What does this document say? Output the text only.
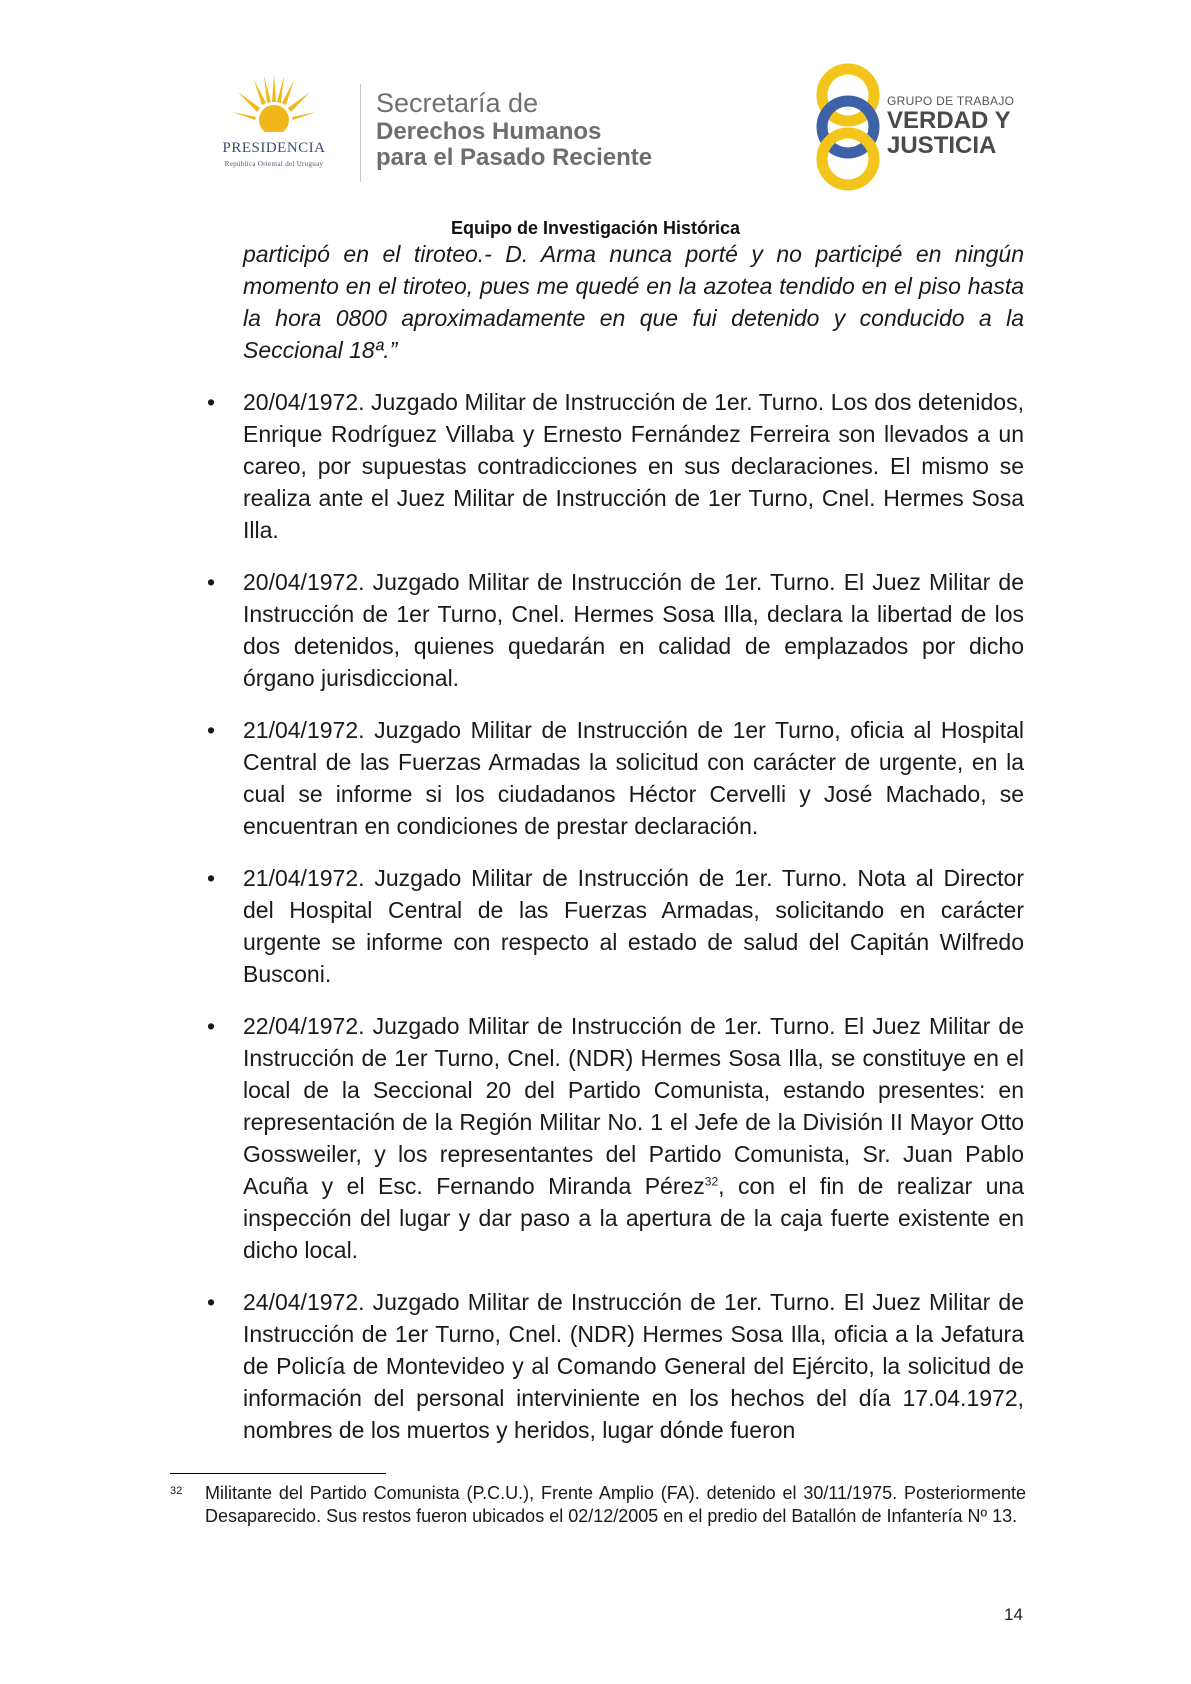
PRESIDENCIA
República Oriental del Uruguay
Secretaría de
Derechos Humanos
para el Pasado Reciente
GRUPO DE TRABAJO
VERDAD Y
JUSTICIA
Equipo de Investigación Histórica

participó en el tiroteo.- D. Arma nunca porté y no participé en ningún momento en el tiroteo, pues me quedé en la azotea tendido en el piso hasta la hora 0800 aproximadamente en que fui detenido y conducido a la Seccional 18ª.”

•	20/04/1972. Juzgado Militar de Instrucción de 1er. Turno. Los dos detenidos, Enrique Rodríguez Villaba y Ernesto Fernández Ferreira son llevados a un careo, por supuestas contradicciones en sus declaraciones. El mismo se realiza ante el Juez Militar de Instrucción de 1er Turno, Cnel. Hermes Sosa Illa.
•	20/04/1972. Juzgado Militar de Instrucción de 1er. Turno. El Juez Militar de Instrucción de 1er Turno, Cnel. Hermes Sosa Illa, declara la libertad de los dos detenidos, quienes quedarán en calidad de emplazados por dicho órgano jurisdiccional.
•	21/04/1972. Juzgado Militar de Instrucción de 1er Turno, oficia al Hospital Central de las Fuerzas Armadas la solicitud con carácter de urgente, en la cual se informe si los ciudadanos Héctor Cervelli y José Machado, se encuentran en condiciones de prestar declaración.
•	21/04/1972. Juzgado Militar de Instrucción de 1er. Turno. Nota al Director del Hospital Central de las Fuerzas Armadas, solicitando en carácter urgente se informe con respecto al estado de salud del Capitán Wilfredo Busconi.
•	22/04/1972. Juzgado Militar de Instrucción de 1er. Turno. El Juez Militar de Instrucción de 1er Turno, Cnel. (NDR) Hermes Sosa Illa, se constituye en el local de la Seccional 20 del Partido Comunista, estando presentes: en representación de la Región Militar No. 1 el Jefe de la División II Mayor Otto Gossweiler, y los representantes del Partido Comunista, Sr. Juan Pablo Acuña y el Esc. Fernando Miranda Pérez$^{32}$, con el fin de realizar una inspección del lugar y dar paso a la apertura de la caja fuerte existente en dicho local.
•	24/04/1972. Juzgado Militar de Instrucción de 1er. Turno. El Juez Militar de Instrucción de 1er Turno, Cnel. (NDR) Hermes Sosa Illa, oficia a la Jefatura de Policía de Montevideo y al Comando General del Ejército, la solicitud de información del personal interviniente en los hechos del día 17.04.1972, nombres de los muertos y heridos, lugar dónde fueron
32	Militante del Partido Comunista (P.C.U.), Frente Amplio (FA). detenido el 30/11/1975. Posteriormente Desaparecido. Sus restos fueron ubicados el 02/12/2005 en el predio del Batallón de Infantería Nº 13.
14
